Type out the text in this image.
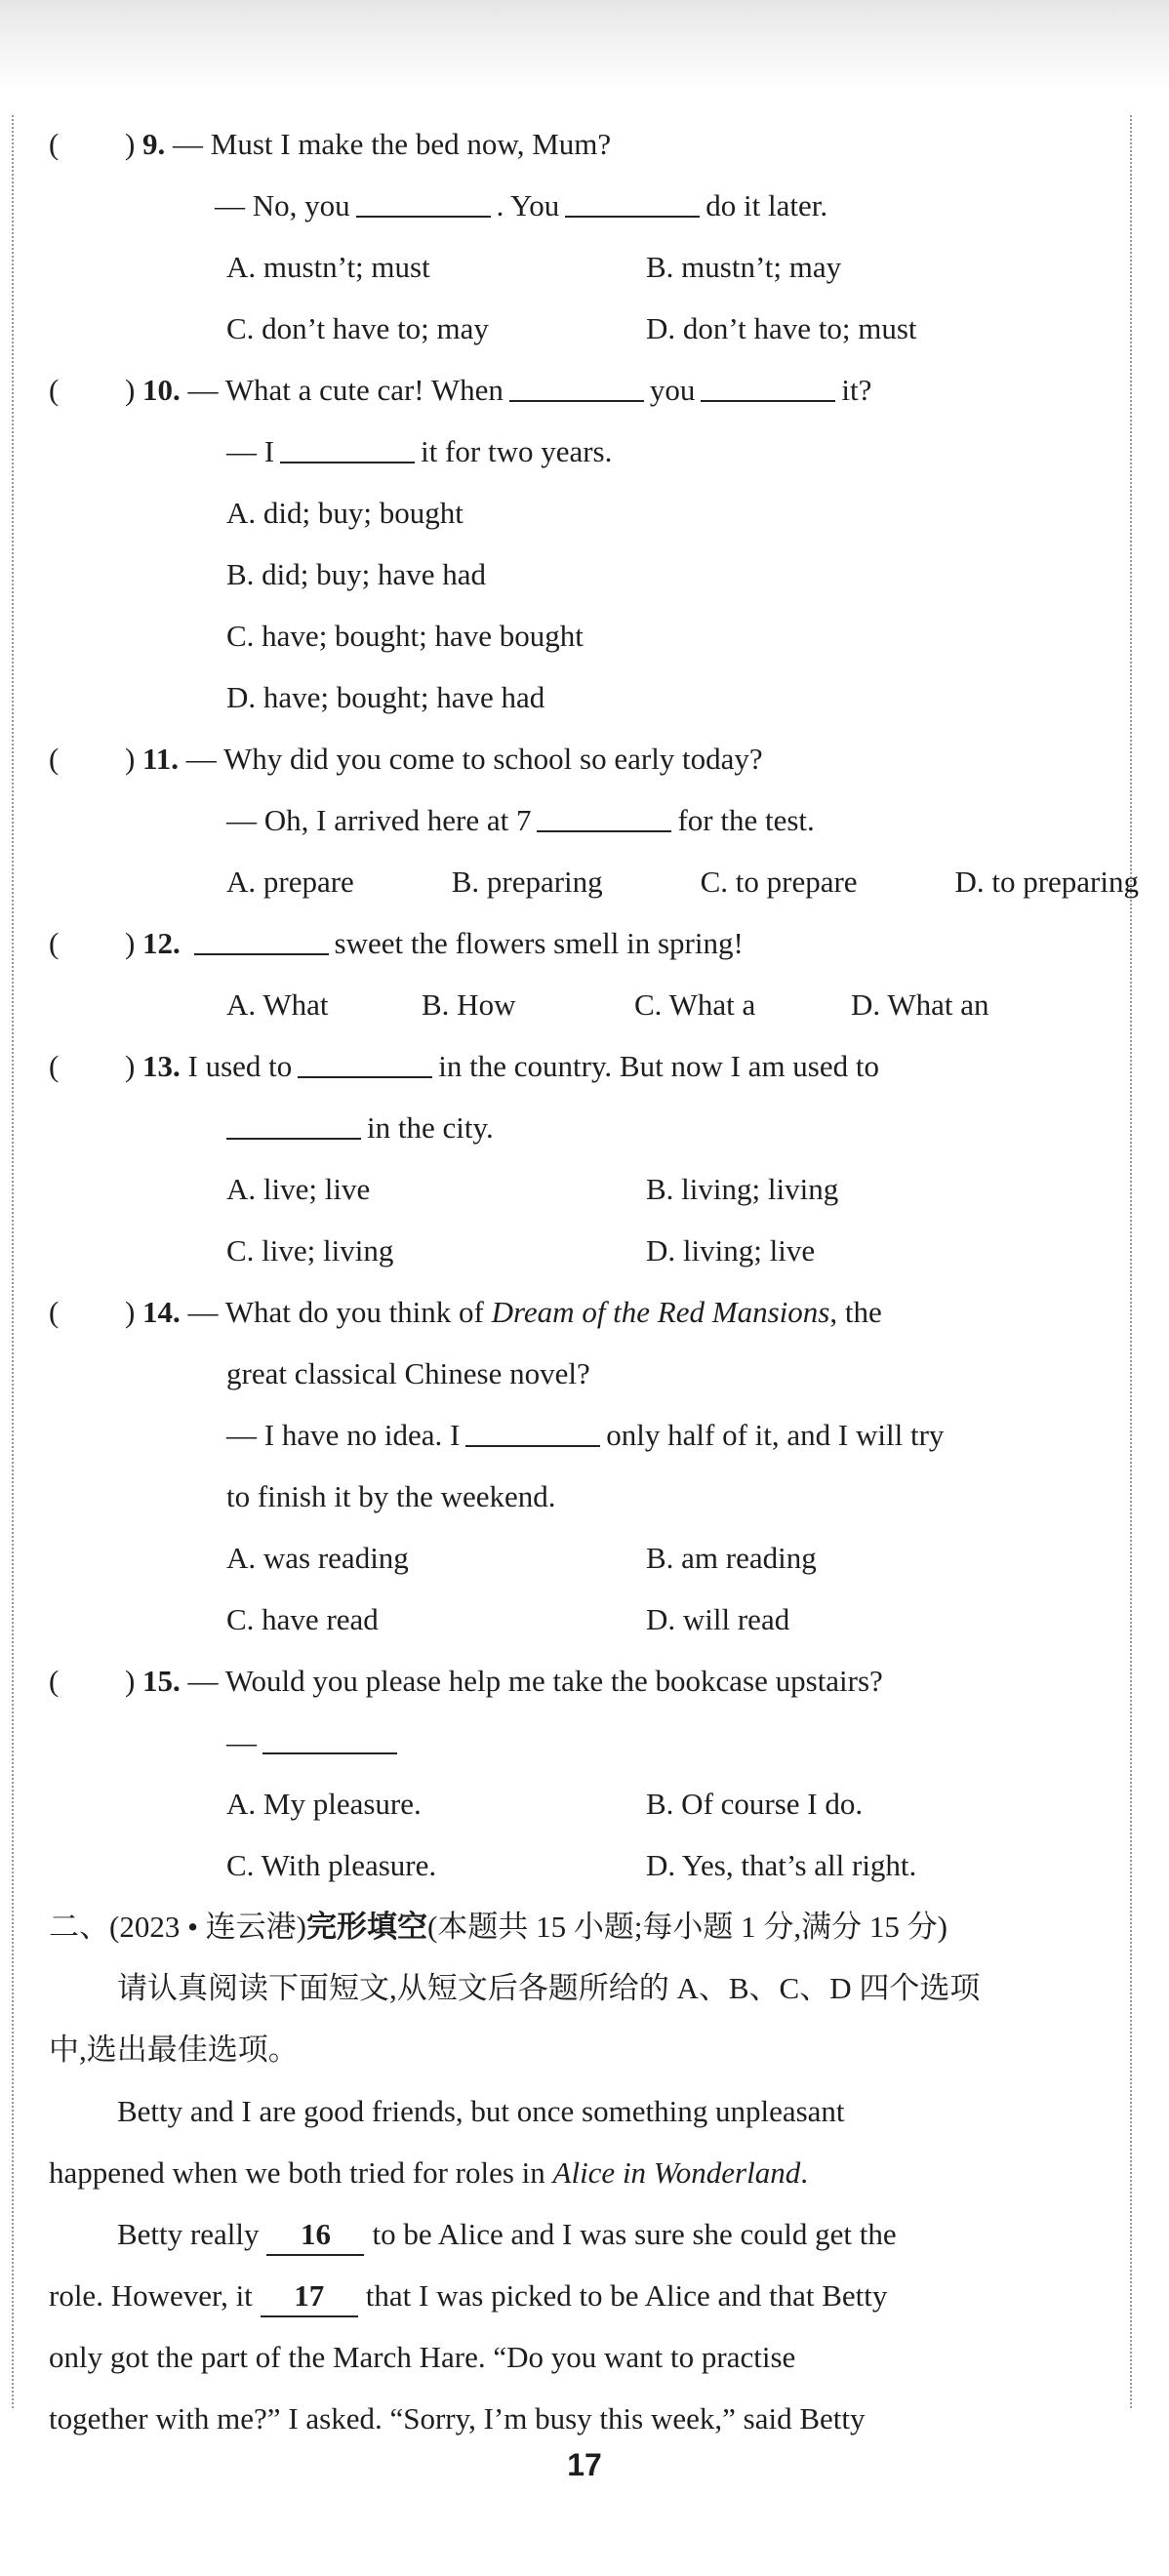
( ) 9. — Must I make the bed now, Mum?
— No, you	. You	do it later.
A. mustn’t; must	B. mustn’t; may
C. don’t have to; may	D. don’t have to; must
( ) 10. — What a cute car! When	you	it?
— I	it for two years.
A. did; buy; bought
B. did; buy; have had
C. have; bought; have bought
D. have; bought; have had
( ) 11. — Why did you come to school so early today?
— Oh, I arrived here at 7	for the test.
A. prepare	B. preparing	C. to prepare	D. to preparing
( ) 12.	sweet the flowers smell in spring!
A. What	B. How	C. What a	D. What an
( ) 13. I used to	in the country. But now I am used to
in the city.
A. live; live	B. living; living
C. live; living	D. living; live
( ) 14. — What do you think of Dream of the Red Mansions, the
great classical Chinese novel?
— I have no idea. I	only half of it, and I will try
to finish it by the weekend.
A. was reading	B. am reading
C. have read	D. will read
( ) 15. — Would you please help me take the bookcase upstairs?
—
A. My pleasure.	B. Of course I do.
C. With pleasure.	D. Yes, that’s all right.
二、(2023 • 连云港)完形填空(本题共 15 小题;每小题 1 分,满分 15 分)
请认真阅读下面短文,从短文后各题所给的 A、B、C、D 四个选项
中,选出最佳选项。
Betty and I are good friends, but once something unpleasant
happened when we both tried for roles in Alice in Wonderland.
Betty really 16 to be Alice and I was sure she could get the
role. However, it 17 that I was picked to be Alice and that Betty
only got the part of the March Hare. “Do you want to practise
together with me?” I asked. “Sorry, I’m busy this week,” said Betty
17
